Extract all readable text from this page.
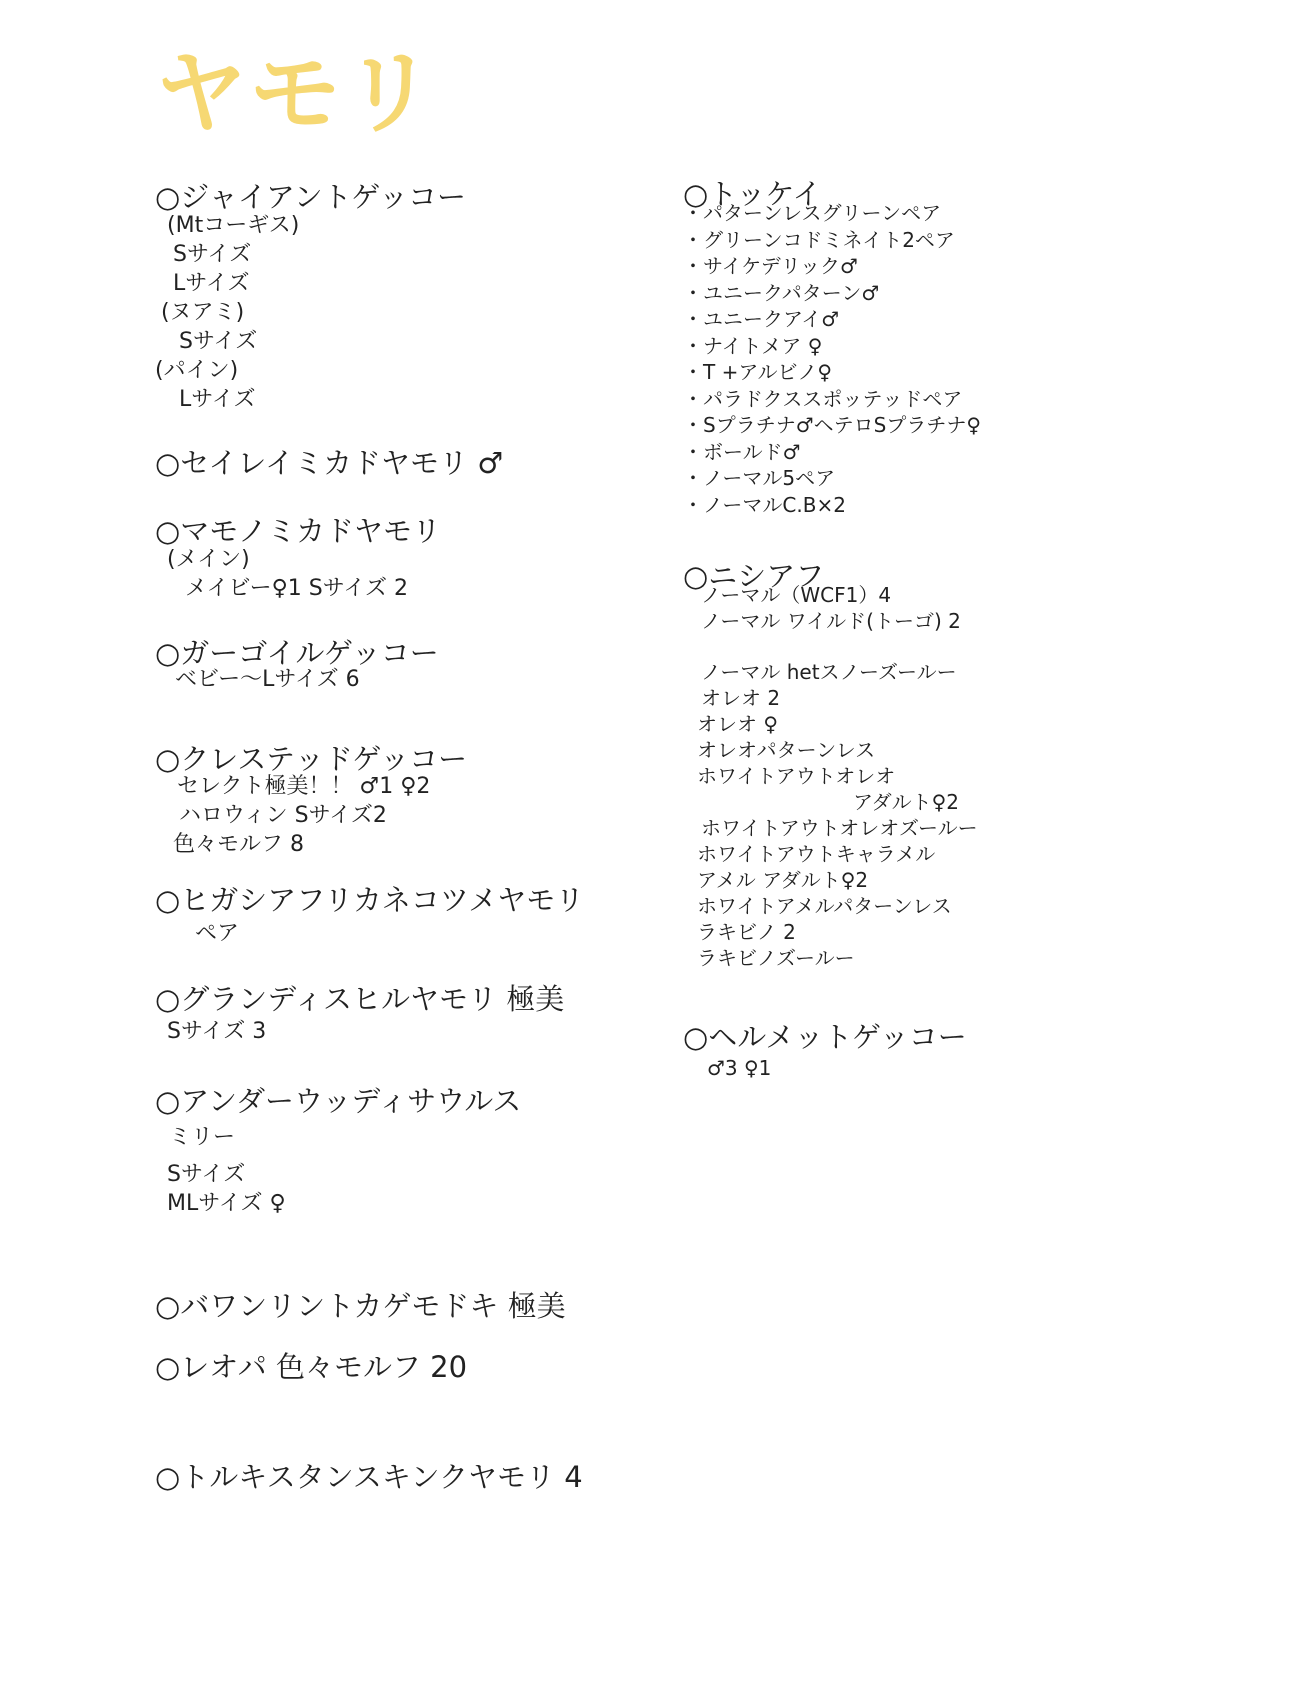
ヤモリ
○ジャイアントゲッコー
(Mtコーギス)
Sサイズ
Lサイズ
(ヌアミ)
Sサイズ
(パイン)
Lサイズ
○セイレイミカドヤモリ ♂
○マモノミカドヤモリ
(メイン)
メイビー♀1 Sサイズ 2
○ガーゴイルゲッコー
ベビー〜Lサイズ 6
○クレステッドゲッコー
セレクト極美！！ ♂1 ♀2
ハロウィン Sサイズ2
色々モルフ 8
○ヒガシアフリカネコツメヤモリ
ペア
○グランディスヒルヤモリ 極美
Sサイズ 3
○アンダーウッディサウルス
ミリー
Sサイズ
MLサイズ ♀
○バワンリントカゲモドキ 極美
○レオパ 色々モルフ 20
○トルキスタンスキンクヤモリ 4
○トッケイ
・パターンレスグリーンペア
・グリーンコドミネイト2ペア
・サイケデリック♂
・ユニークパターン♂
・ユニークアイ♂
・ナイトメア ♀
・T +アルビノ♀
・パラドクススポッテッドペア
・Sプラチナ♂ヘテロSプラチナ♀
・ボールド♂
・ノーマル5ペア
・ノーマルC.B×2
○ニシアフ
ノーマル（WCF1）4
ノーマル ワイルド(トーゴ) 2
ノーマル hetスノーズールー
オレオ 2
オレオ ♀
オレオパターンレス
ホワイトアウトオレオ
アダルト♀2
ホワイトアウトオレオズールー
ホワイトアウトキャラメル
アメル アダルト♀2
ホワイトアメルパターンレス
ラキビノ 2
ラキビノズールー
○ヘルメットゲッコー
♂3 ♀1
